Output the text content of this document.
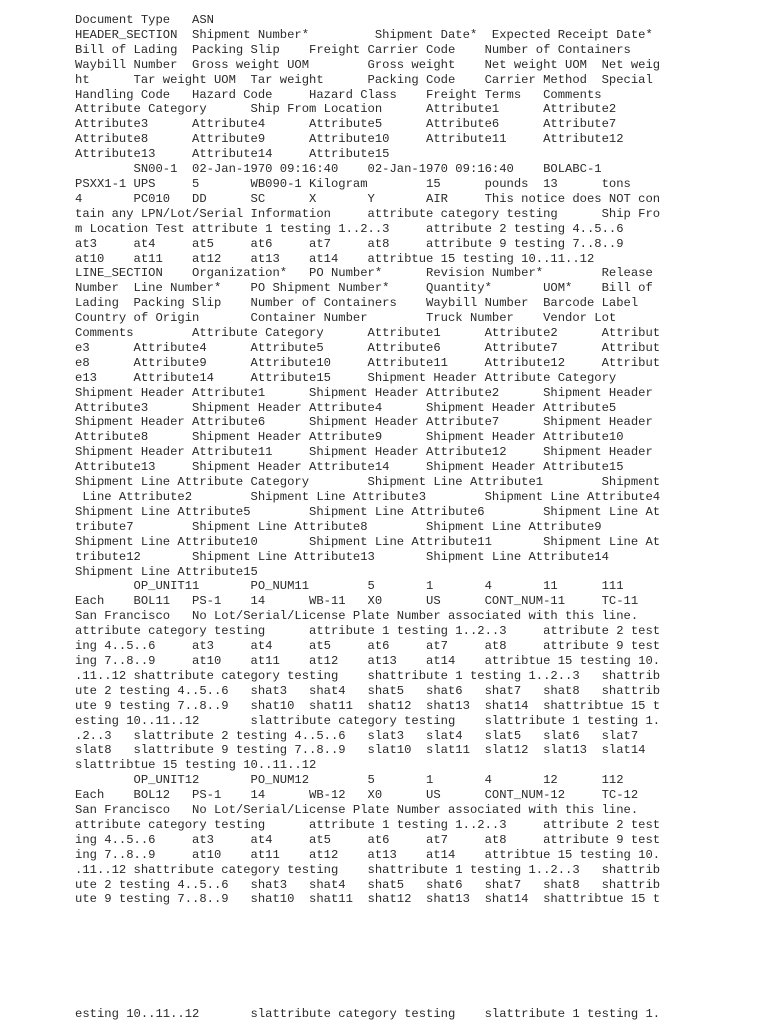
Document Type   ASN
HEADER_SECTION  Shipment Number*         Shipment Date*  Expected Receipt Date*
Bill of Lading  Packing Slip    Freight Carrier Code    Number of Containers
Waybill Number  Gross weight UOM        Gross weight    Net weight UOM  Net weig
ht      Tar weight UOM  Tar weight      Packing Code    Carrier Method  Special
Handling Code   Hazard Code     Hazard Class    Freight Terms   Comments
Attribute Category      Ship From Location      Attribute1      Attribute2
Attribute3      Attribute4      Attribute5      Attribute6      Attribute7
Attribute8      Attribute9      Attribute10     Attribute11     Attribute12
Attribute13     Attribute14     Attribute15
SN00-1  02-Jan-1970 09:16:40    02-Jan-1970 09:16:40    BOLABC-1
PSXX1-1 UPS     5       WB090-1 Kilogram        15      pounds  13      tons
4       PC010   DD      SC      X       Y       AIR     This notice does NOT con
tain any LPN/Lot/Serial Information     attribute category testing      Ship Fro
m Location Test attribute 1 testing 1..2..3     attribute 2 testing 4..5..6
at3     at4     at5     at6     at7     at8     attribute 9 testing 7..8..9
at10    at11    at12    at13    at14    attribtue 15 testing 10..11..12
LINE_SECTION    Organization*   PO Number*      Revision Number*        Release
Number  Line Number*    PO Shipment Number*     Quantity*       UOM*    Bill of
Lading  Packing Slip    Number of Containers    Waybill Number  Barcode Label
Country of Origin       Container Number        Truck Number    Vendor Lot
Comments        Attribute Category      Attribute1      Attribute2      Attribut
e3      Attribute4      Attribute5      Attribute6      Attribute7      Attribut
e8      Attribute9      Attribute10     Attribute11     Attribute12     Attribut
e13     Attribute14     Attribute15     Shipment Header Attribute Category
Shipment Header Attribute1      Shipment Header Attribute2      Shipment Header
Attribute3      Shipment Header Attribute4      Shipment Header Attribute5
Shipment Header Attribute6      Shipment Header Attribute7      Shipment Header
Attribute8      Shipment Header Attribute9      Shipment Header Attribute10
Shipment Header Attribute11     Shipment Header Attribute12     Shipment Header
Attribute13     Shipment Header Attribute14     Shipment Header Attribute15
Shipment Line Attribute Category        Shipment Line Attribute1        Shipment
Line Attribute2        Shipment Line Attribute3        Shipment Line Attribute4
Shipment Line Attribute5        Shipment Line Attribute6        Shipment Line At
tribute7        Shipment Line Attribute8        Shipment Line Attribute9
Shipment Line Attribute10       Shipment Line Attribute11       Shipment Line At
tribute12       Shipment Line Attribute13       Shipment Line Attribute14
Shipment Line Attribute15
OP_UNIT11       PO_NUM11        5       1       4       11      111
Each    BOL11   PS-1    14      WB-11   X0      US      CONT_NUM-11     TC-11
San Francisco   No Lot/Serial/License Plate Number associated with this line.
attribute category testing      attribute 1 testing 1..2..3     attribute 2 test
ing 4..5..6     at3     at4     at5     at6     at7     at8     attribute 9 test
ing 7..8..9     at10    at11    at12    at13    at14    attribtue 15 testing 10.
.11..12 shattribute category testing    shattribute 1 testing 1..2..3   shattrib
ute 2 testing 4..5..6   shat3   shat4   shat5   shat6   shat7   shat8   shattrib
ute 9 testing 7..8..9   shat10  shat11  shat12  shat13  shat14  shattribtue 15 t
esting 10..11..12       slattribute category testing    slattribute 1 testing 1.
.2..3   slattribute 2 testing 4..5..6   slat3   slat4   slat5   slat6   slat7
slat8   slattribute 9 testing 7..8..9   slat10  slat11  slat12  slat13  slat14
slattribtue 15 testing 10..11..12
OP_UNIT12       PO_NUM12        5       1       4       12      112
Each    BOL12   PS-1    14      WB-12   X0      US      CONT_NUM-12     TC-12
San Francisco   No Lot/Serial/License Plate Number associated with this line.
attribute category testing      attribute 1 testing 1..2..3     attribute 2 test
ing 4..5..6     at3     at4     at5     at6     at7     at8     attribute 9 test
ing 7..8..9     at10    at11    at12    at13    at14    attribtue 15 testing 10.
.11..12 shattribute category testing    shattribute 1 testing 1..2..3   shattrib
ute 2 testing 4..5..6   shat3   shat4   shat5   shat6   shat7   shat8   shattrib
ute 9 testing 7..8..9   shat10  shat11  shat12  shat13  shat14  shattribtue 15 t

esting 10..11..12       slattribute category testing    slattribute 1 testing 1.
